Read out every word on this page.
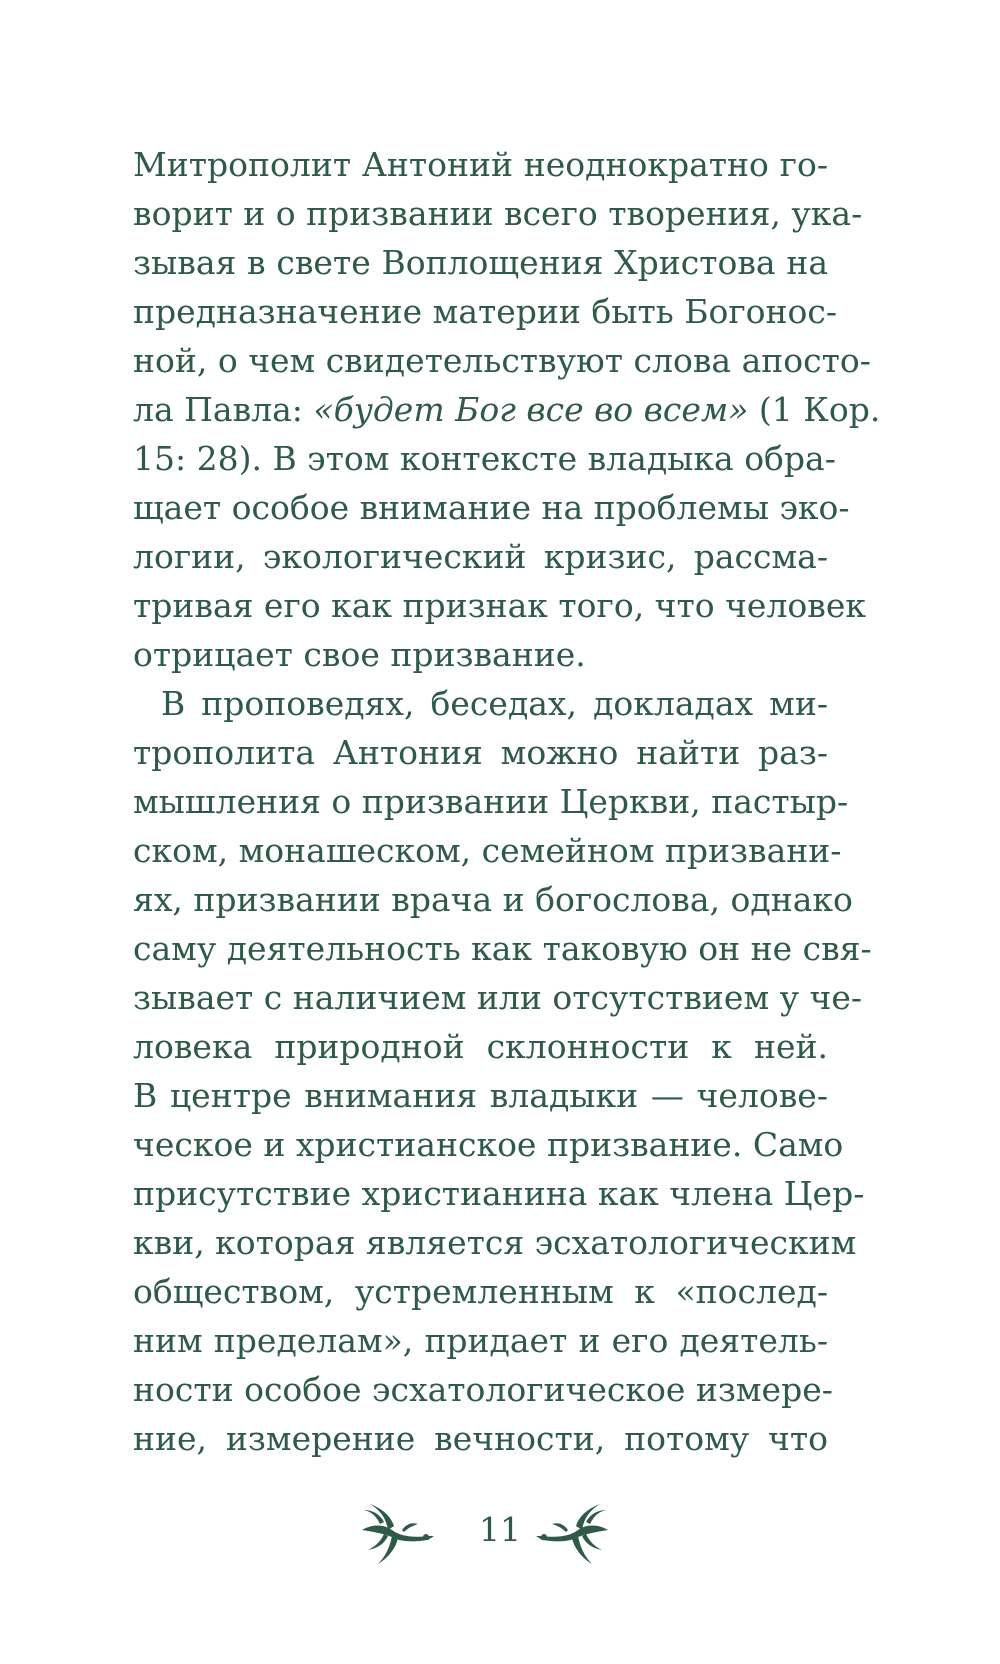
Митрополит Антоний неоднократно го-
ворит и о призвании всего творения, ука-
зывая в свете Воплощения Христова на
предназначение материи быть Богонос-
ной, о чем свидетельствуют слова апосто-
ла Павла: «будет Бог все во всем» (1 Кор.
15: 28). В этом контексте владыка обра-
щает особое внимание на проблемы эко-
логии, экологический кризис, рассма-
тривая его как признак того, что человек
отрицает свое призвание.
В проповедях, беседах, докладах ми-
трополита Антония можно найти раз-
мышления о призвании Церкви, пастыр-
ском, монашеском, семейном призвани-
ях, призвании врача и богослова, однако
саму деятельность как таковую он не свя-
зывает с наличием или отсутствием у че-
ловека природной склонности к ней.
В центре внимания владыки — челове-
ческое и христианское призвание. Само
присутствие христианина как члена Цер-
кви, которая является эсхатологическим
обществом, устремленным к «послед-
ним пределам», придает и его деятель-
ности особое эсхатологическое измере-
ние, измерение вечности, потому что
11
